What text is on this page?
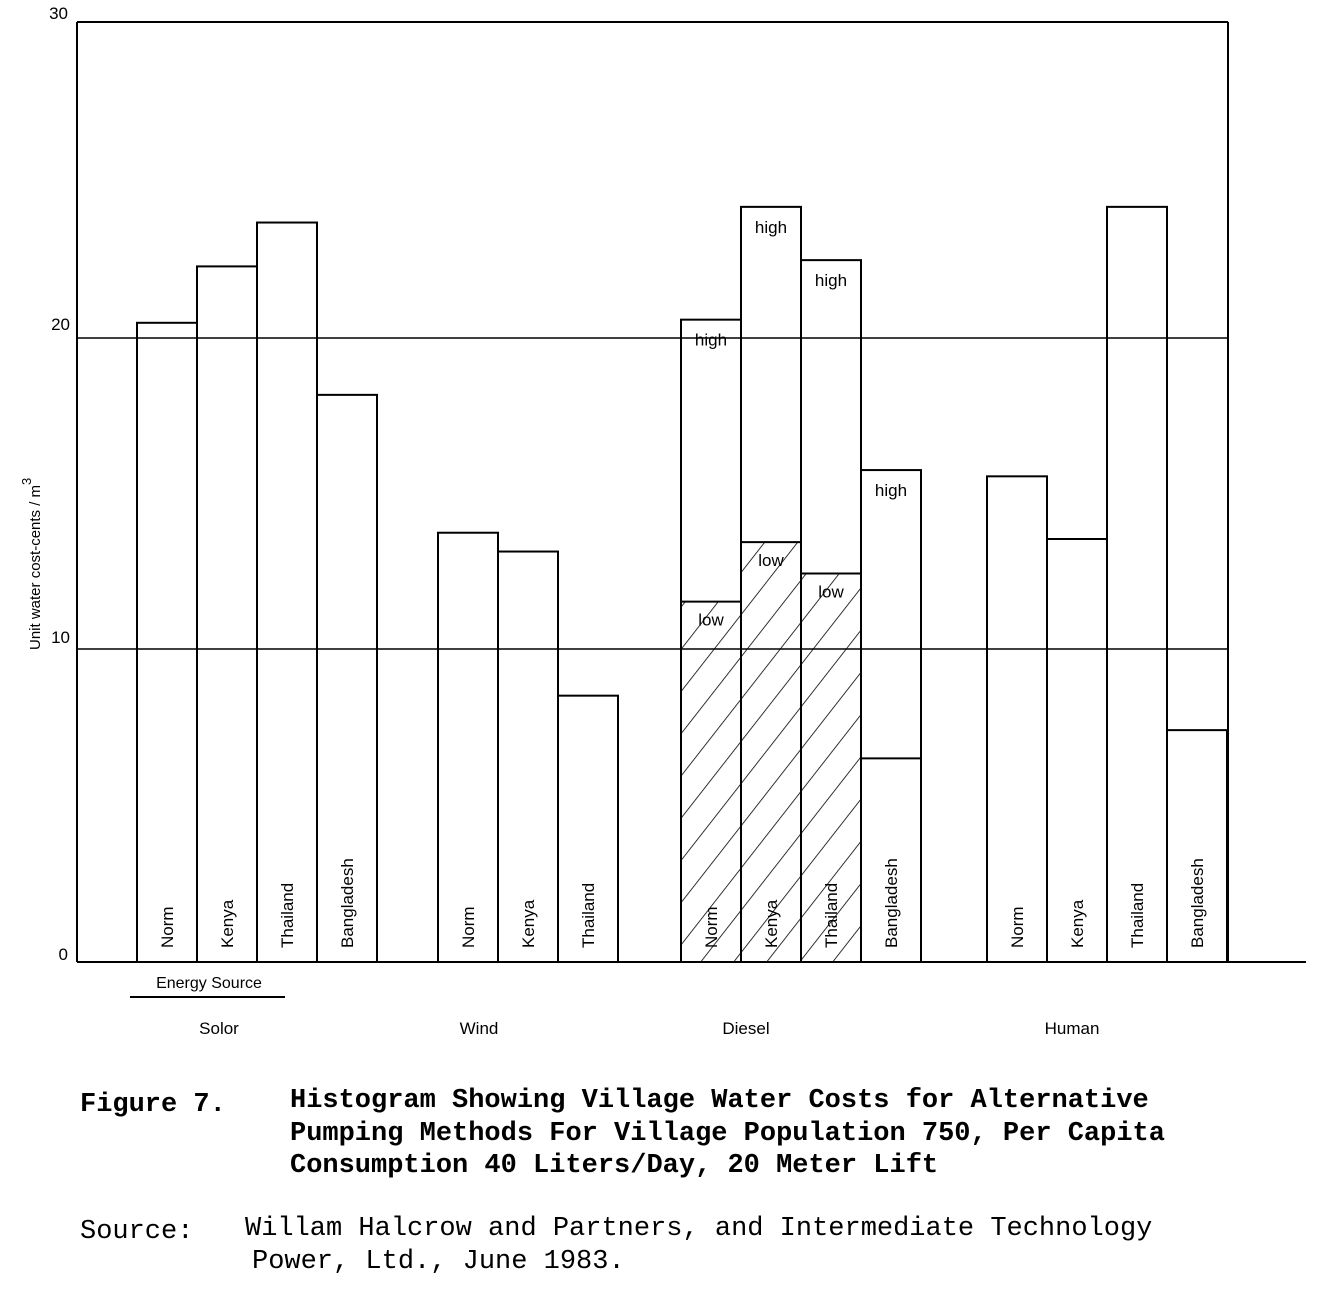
0
10
20
30
Unit water cost-cents / m3
Energy Source
Norm Kenya Thailand Bangladesh	Norm Kenya Thailand	Norm
high
low
Kenya
high
low
Thailand
high
low
Bangladesh
high
Norm Kenya Thailand Bangladesh
Solor	Wind	Diesel	Human
Figure 7. Histogram Showing Village Water Costs for Alternative
Pumping Methods For Village Population 750, Per Capita
Consumption 40 Liters/Day, 20 Meter Lift
Source: Willam Halcrow and Partners, and Intermediate Technology
Power, Ltd., June 1983.
